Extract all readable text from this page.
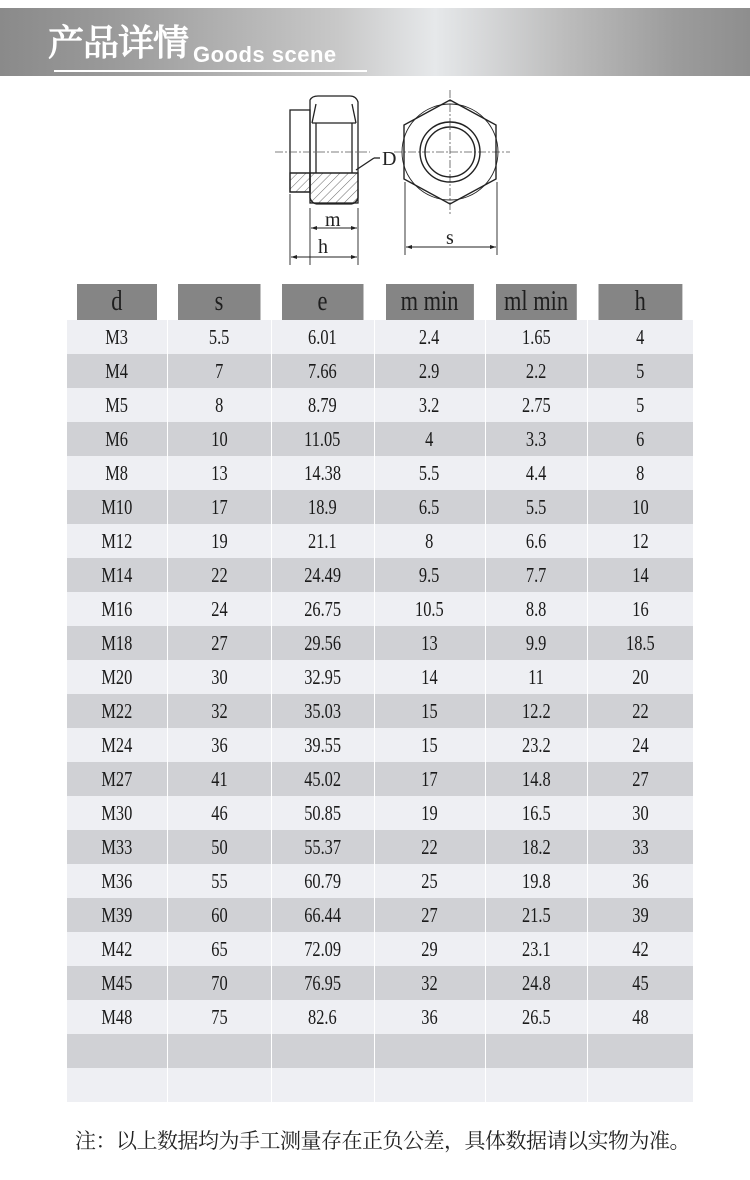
产品详情 Goods scene
D
m
h	s
d	s	e	m min	ml min	h
M3	5.5	6.01	2.4	1.65	4
M4	7	7.66	2.9	2.2	5
M5	8	8.79	3.2	2.75	5
M6	10	11.05	4	3.3	6
M8	13	14.38	5.5	4.4	8
M10	17	18.9	6.5	5.5	10
M12	19	21.1	8	6.6	12
M14	22	24.49	9.5	7.7	14
M16	24	26.75	10.5	8.8	16
M18	27	29.56	13	9.9	18.5
M20	30	32.95	14	11	20
M22	32	35.03	15	12.2	22
M24	36	39.55	15	23.2	24
M27	41	45.02	17	14.8	27
M30	46	50.85	19	16.5	30
M33	50	55.37	22	18.2	33
M36	55	60.79	25	19.8	36
M39	60	66.44	27	21.5	39
M42	65	72.09	29	23.1	42
M45	70	76.95	32	24.8	45
M48	75	82.6	36	26.5	48

注：以上数据均为手工测量存在正负公差，具体数据请以实物为准。
